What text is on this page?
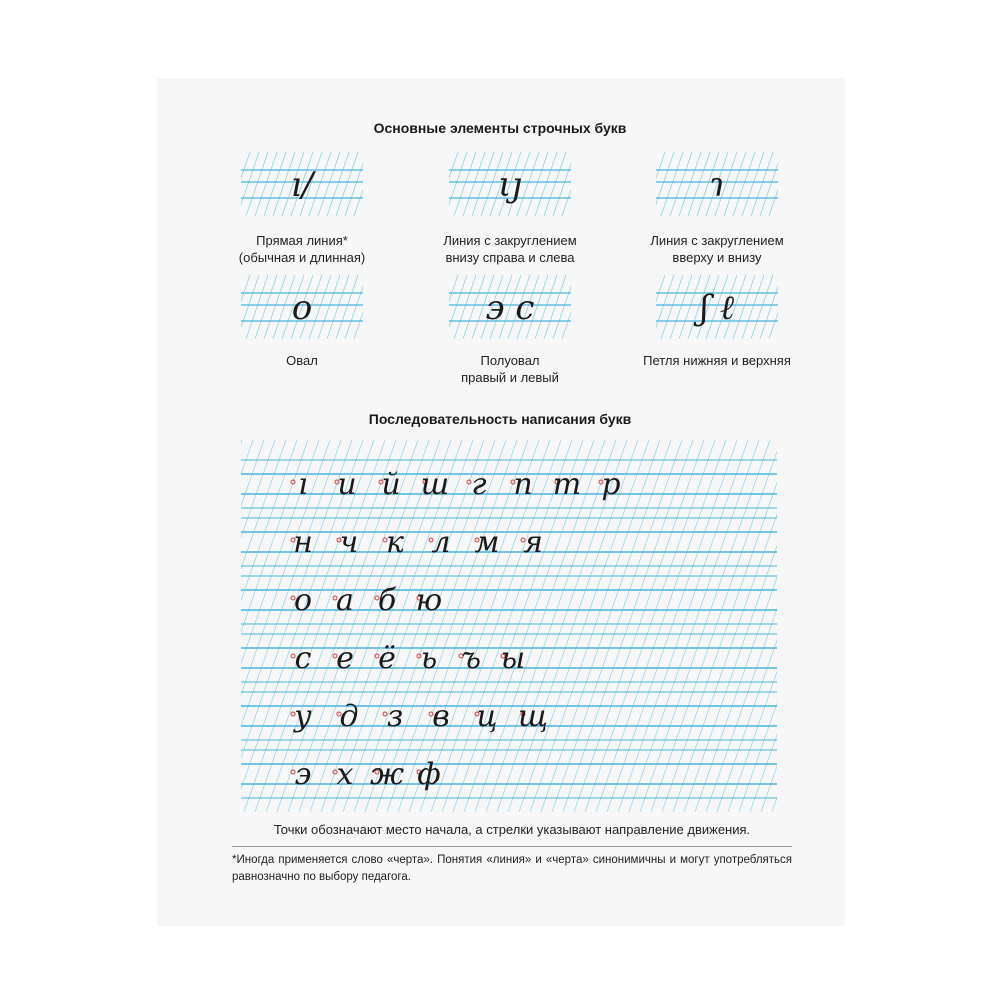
Основные элементы строчных букв
ı/	ιȷ	ɿ
o	э с	ʃ ℓ
Прямая линия*
(обычная и длинная)
Линия с закруглением
внизу справа и слева
Линия с закруглением
вверху и внизу
Овал	Полуовал
правый и левый
Петля нижняя и верхняя
Последовательность написания букв
ı и й ш г п т р
н ч к л м я
о а б ю
с е ё ь ъ ы
у д з в ц щ
э х ж ф
Точки обозначают место начала, а стрелки указывают направление движения.
*Иногда применяется слово «черта». Понятия «линия» и «черта» синонимичны и могут употребляться равнозначно по выбору педагога.
